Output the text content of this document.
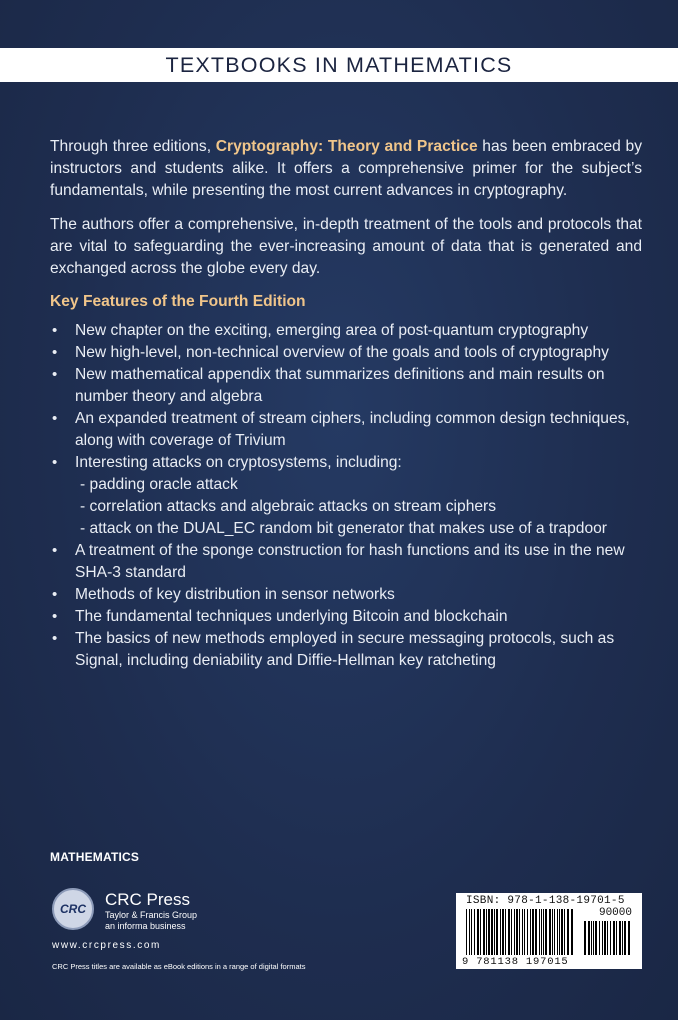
TEXTBOOKS IN MATHEMATICS

Through three editions, Cryptography: Theory and Practice has been embraced by instructors and students alike. It offers a comprehensive primer for the subject’s fundamentals, while presenting the most current advances in cryptography.

The authors offer a comprehensive, in-depth treatment of the tools and protocols that are vital to safeguarding the ever-increasing amount of data that is generated and exchanged across the globe every day.

Key Features of the Fourth Edition
• New chapter on the exciting, emerging area of post-quantum cryptography
• New high-level, non-technical overview of the goals and tools of cryptography
• New mathematical appendix that summarizes definitions and main results on number theory and algebra
• An expanded treatment of stream ciphers, including common design techniques, along with coverage of Trivium
• Interesting attacks on cryptosystems, including:
- padding oracle attack
- correlation attacks and algebraic attacks on stream ciphers
- attack on the DUAL_EC random bit generator that makes use of a trapdoor
• A treatment of the sponge construction for hash functions and its use in the new SHA-3 standard
• Methods of key distribution in sensor networks
• The fundamental techniques underlying Bitcoin and blockchain
• The basics of new methods employed in secure messaging protocols, such as Signal, including deniability and Diffie-Hellman key ratcheting
MATHEMATICS
CRC CRC Press
Taylor & Francis Group
an informa business
www.crcpress.com
CRC Press titles are available as eBook editions in a range of digital formats
ISBN: 978-1-138-19701-5
90000
9 781138 197015
